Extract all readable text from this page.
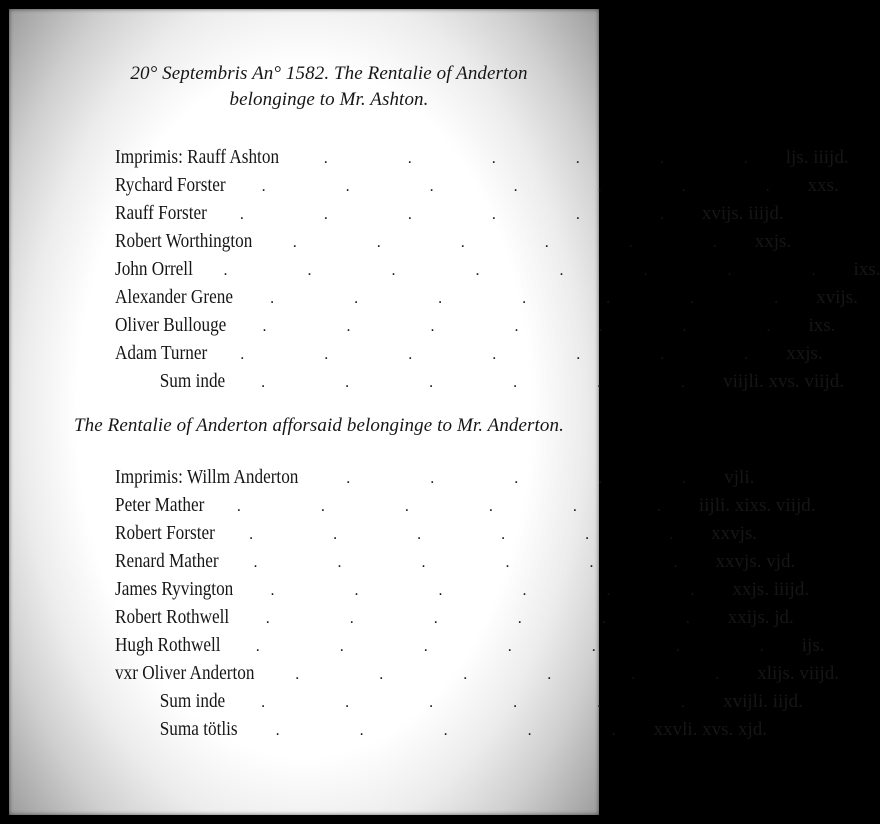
20° Septembris An° 1582. The Rentalie of Anderton
belonginge to Mr. Ashton.
Imprimis: Rauff Ashton	. . . . . . ljs. iiijd.
Rychard Forster	. . . . . . . xxs.
Rauff Forster	. . . . . . xvijs. iiijd.
Robert Worthington	. . . . . . xxjs.
John Orrell	. . . . . . . . ixs.
Alexander Grene	. . . . . . . xvijs.
Oliver Bullouge	. . . . . . . ixs.
Adam Turner	. . . . . . . xxjs.
Sum inde	. . . . . . viijli. xvs. viijd.
The Rentalie of Anderton afforsaid belonginge to Mr. Anderton.
Imprimis: Willm Anderton	. . . . . vjli.
Peter Mather	. . . . . . iijli. xixs. viijd.
Robert Forster	. . . . . . xxvjs.
Renard Mather	. . . . . . xxvjs. vjd.
James Ryvington	. . . . . . xxjs. iiijd.
Robert Rothwell	. . . . . . xxijs. jd.
Hugh Rothwell	. . . . . . . ijs.
vxr Oliver Anderton	. . . . . . xlijs. viijd.
Sum inde	. . . . . . xvijli. iijd.
Suma tötlis	. . . . . xxvli. xvs. xjd.
